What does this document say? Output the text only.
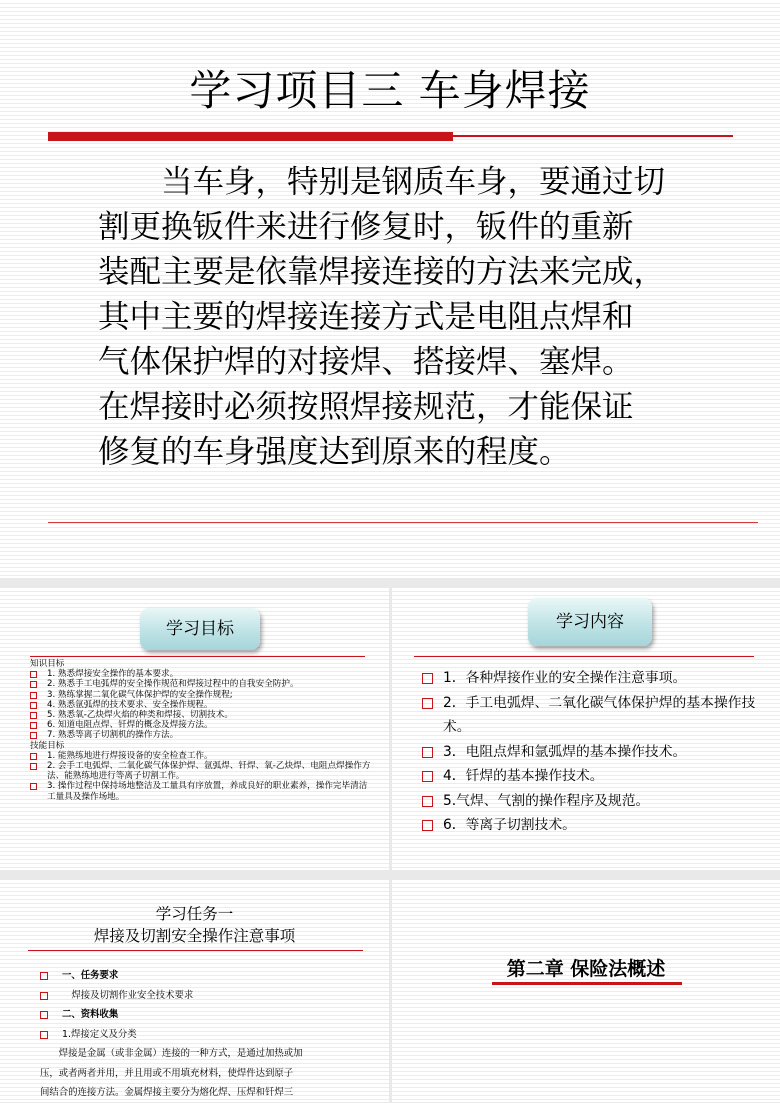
学习项目三 车身焊接

　　当车身，特别是钢质车身，要通过切

割更换钣件来进行修复时，钣件的重新

装配主要是依靠焊接连接的方法来完成，

其中主要的焊接连接方式是电阻点焊和

气体保护焊的对接焊、搭接焊、塞焊。

在焊接时必须按照焊接规范，才能保证

修复的车身强度达到原来的程度。

学习目标
知识目标
1. 熟悉焊接安全操作的基本要求。
2. 熟悉手工电弧焊的安全操作规范和焊接过程中的自我安全防护。
3. 熟练掌握二氧化碳气体保护焊的安全操作规程;
4. 熟悉氩弧焊的技术要求、安全操作规程。
5. 熟悉氧-乙炔焊火焰的种类和焊接、切割技术。
6. 知道电阻点焊、钎焊的概念及焊接方法。
7. 熟悉等离子切割机的操作方法。
技能目标
1. 能熟练地进行焊接设备的安全检查工作。
2. 会手工电弧焊、二氧化碳气体保护焊、氩弧焊、钎焊、氧-乙炔焊、电阻点焊操作方法、能熟练地进行等离子切割工作。
3. 操作过程中保持场地整洁及工量具有序放置，养成良好的职业素养，操作完毕清洁工量具及操作场地。
学习内容
1．各种焊接作业的安全操作注意事项。
2．手工电弧焊、二氧化碳气体保护焊的基本操作技术。
3．电阻点焊和氩弧焊的基本操作技术。
4．钎焊的基本操作技术。
5.气焊、气割的操作程序及规范。
6．等离子切割技术。
学习任务一
焊接及切割安全操作注意事项
一、任务要求
　焊接及切割作业安全技术要求
二、资料收集
1.焊接定义及分类
　　焊接是金属（或非金属）连接的一种方式，是通过加热或加
压，或者两者并用，并且用或不用填充材料，使焊件达到原子
间结合的连接方法。金属焊接主要分为熔化焊、压焊和钎焊三
第二章 保险法概述
